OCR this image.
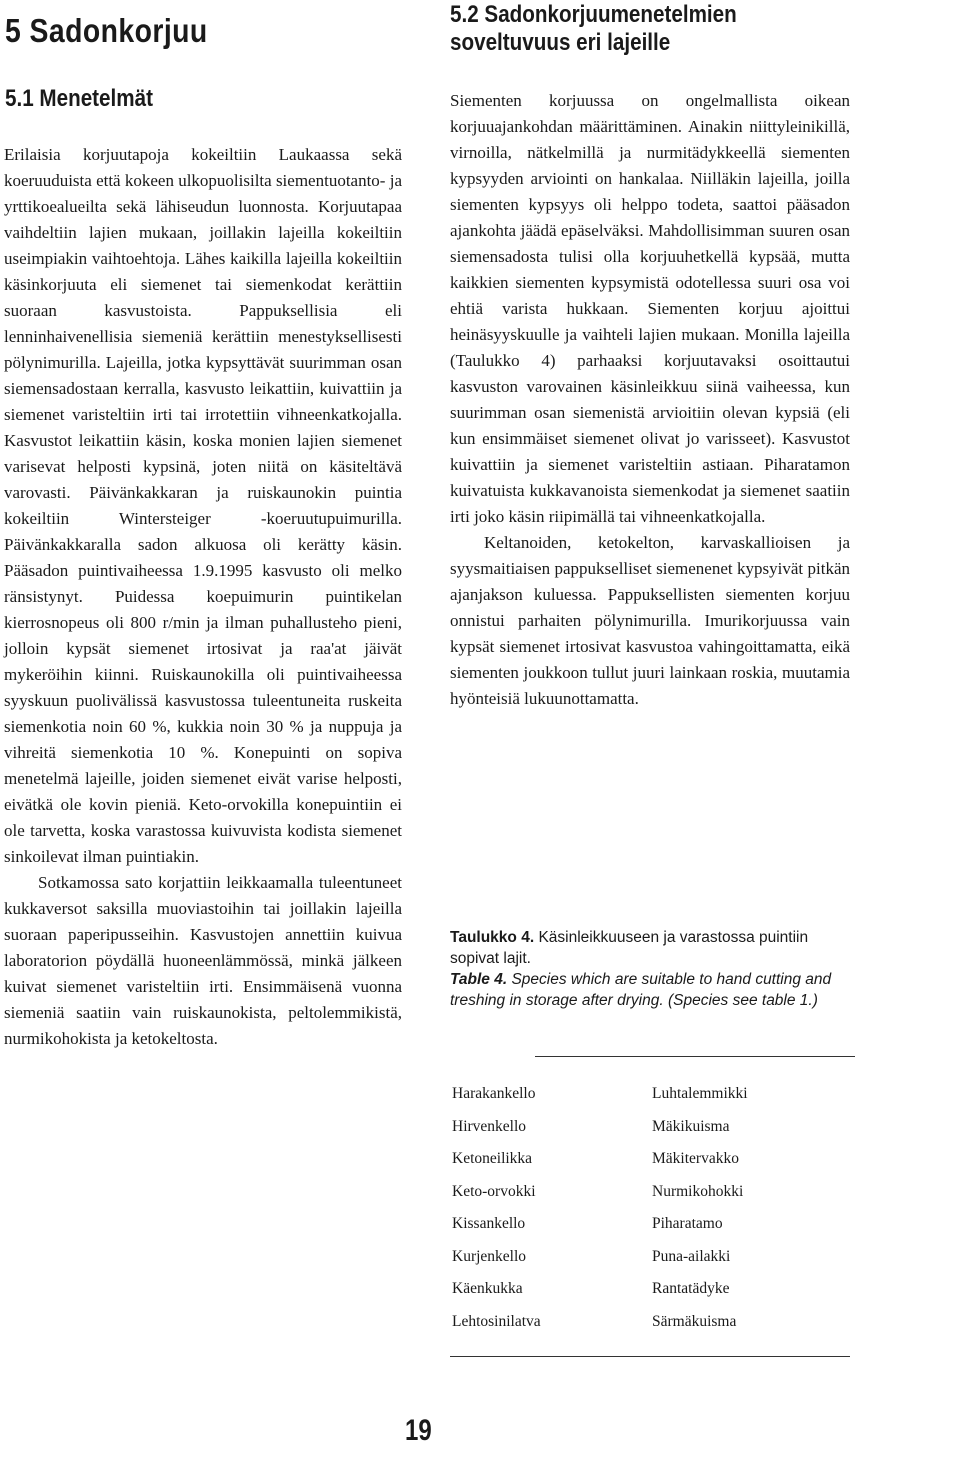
5 Sadonkorjuu
5.1 Menetelmät
5.2 Sadonkorjuumenetelmien
soveltuvuus eri lajeille

Erilaisia korjuutapoja kokeiltiin Laukaassa sekä koeruuduista että kokeen ulkopuolisilta siementuotanto- ja yrttikoealueilta sekä lähiseudun luonnosta. Korjuutapaa vaihdeltiin lajien mukaan, joillakin lajeilla kokeiltiin useimpiakin vaihtoehtoja. Lähes kaikilla lajeilla kokeiltiin käsinkorjuuta eli siemenet tai siemenkodat kerättiin suoraan kasvustoista. Pappuksellisia eli lenninhaivenellisia siemeniä kerättiin menestyksellisesti pölynimurilla. Lajeilla, jotka kypsyttävät suurimman osan siemensadostaan kerralla, kasvusto leikattiin, kuivattiin ja siemenet varisteltiin irti tai irrotettiin vihneenkatkojalla. Kasvustot leikattiin käsin, koska monien lajien siemenet varisevat helposti kypsinä, joten niitä on käsiteltävä varovasti. Päivänkakkaran ja ruiskaunokin puintia kokeiltiin Wintersteiger -koeruutupuimurilla. Päivänkakkaralla sadon alkuosa oli kerätty käsin. Pääsadon puintivaiheessa 1.9.1995 kasvusto oli melko ränsistynyt. Puidessa koepuimurin puintikelan kierrosnopeus oli 800 r/min ja ilman puhallusteho pieni, jolloin kypsät siemenet irtosivat ja raa'at jäivät mykeröihin kiinni. Ruiskaunokilla oli puintivaiheessa syyskuun puolivälissä kasvustossa tuleentuneita ruskeita siemenkotia noin 60 %, kukkia noin 30 % ja nuppuja ja vihreitä siemenkotia 10 %. Konepuinti on sopiva menetelmä lajeille, joiden siemenet eivät varise helposti, eivätkä ole kovin pieniä. Keto-orvokilla konepuintiin ei ole tarvetta, koska varastossa kuivuvista kodista siemenet sinkoilevat ilman puintiakin.

Sotkamossa sato korjattiin leikkaamalla tuleentuneet kukkaversot saksilla muoviastoihin tai joillakin lajeilla suoraan paperipusseihin. Kasvustojen annettiin kuivua laboratorion pöydällä huoneenlämmössä, minkä jälkeen kuivat siemenet varisteltiin irti. Ensimmäisenä vuonna siemeniä saatiin vain ruiskaunokista, peltolemmikistä, nurmikohokista ja ketokeltosta.

Siementen korjuussa on ongelmallista oikean korjuuajankohdan määrittäminen. Ainakin niittyleinikillä, virnoilla, nätkelmillä ja nurmitädykkeellä siementen kypsyyden arviointi on hankalaa. Niilläkin lajeilla, joilla siementen kypsyys oli helppo todeta, saattoi pääsadon ajankohta jäädä epäselväksi. Mahdollisimman suuren osan siemensadosta tulisi olla korjuuhetkellä kypsää, mutta kaikkien siementen kypsymistä odotellessa suuri osa voi ehtiä varista hukkaan. Siementen korjuu ajoittui heinäsyyskuulle ja vaihteli lajien mukaan. Monilla lajeilla (Taulukko 4) parhaaksi korjuutavaksi osoittautui kasvuston varovainen käsinleikkuu siinä vaiheessa, kun suurimman osan siemenistä arvioitiin olevan kypsiä (eli kun ensimmäiset siemenet olivat jo varisseet). Kasvustot kuivattiin ja siemenet varisteltiin astiaan. Piharatamon kuivatuista kukkavanoista siemenkodat ja siemenet saatiin irti joko käsin riipimällä tai vihneenkatkojalla.

Keltanoiden, ketokelton, karvaskallioisen ja syysmaitiaisen pappukselliset siemenenet kypsyivät pitkän ajanjakson kuluessa. Pappuksellisten siementen korjuu onnistui parhaiten pölynimurilla. Imurikorjuussa vain kypsät siemenet irtosivat kasvustoa vahingoittamatta, eikä siementen joukkoon tullut juuri lainkaan roskia, muutamia hyönteisiä lukuunottamatta.

Taulukko 4. Käsinleikkuuseen ja varastossa puintiin sopivat lajit.
Table 4. Species which are suitable to hand cutting and treshing in storage after drying. (Species see table 1.)
Harakankello
Hirvenkello
Ketoneilikka
Keto-orvokki
Kissankello
Kurjenkello
Käenkukka
Lehtosinilatva
Luhtalemmikki
Mäkikuisma
Mäkitervakko
Nurmikohokki
Piharatamo
Puna-ailakki
Rantatädyke
Särmäkuisma
19
